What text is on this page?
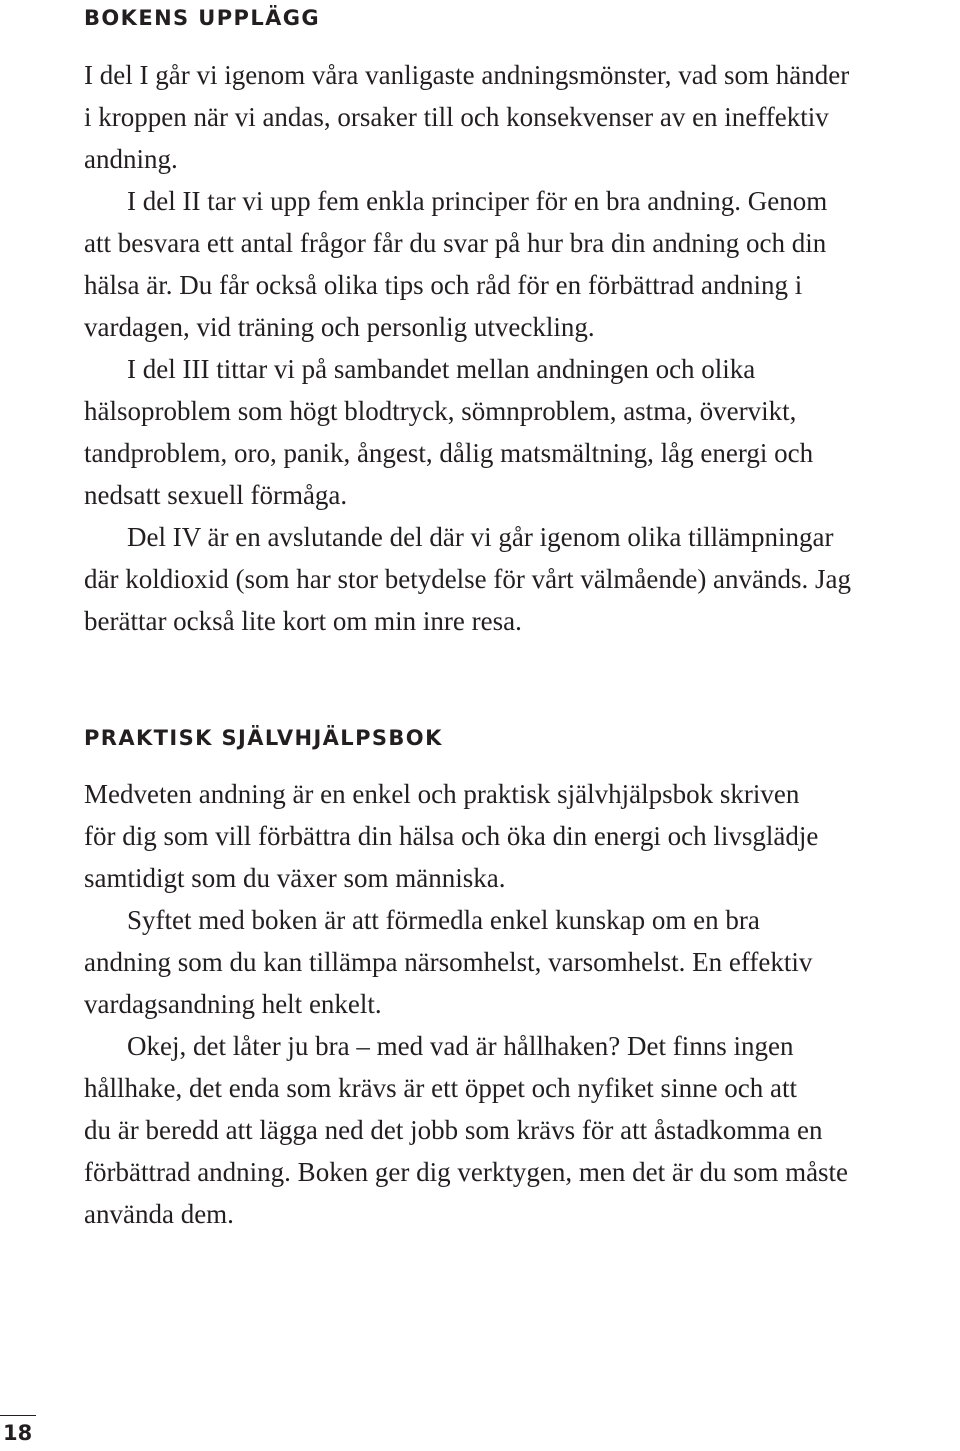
BOKENS UPPLÄGG
I del I går vi igenom våra vanligaste andningsmönster, vad som händer
i kroppen när vi andas, orsaker till och konsekvenser av en ineffektiv
andning.
I del II tar vi upp fem enkla principer för en bra andning. Genom
att besvara ett antal frågor får du svar på hur bra din andning och din
hälsa är. Du får också olika tips och råd för en förbättrad andning i
vardagen, vid träning och personlig utveckling.
I del III tittar vi på sambandet mellan andningen och olika
hälsoproblem som högt blodtryck, sömnproblem, astma, övervikt,
tandproblem, oro, panik, ångest, dålig matsmältning, låg energi och
nedsatt sexuell förmåga.
Del IV är en avslutande del där vi går igenom olika tillämpningar
där koldioxid (som har stor betydelse för vårt välmående) används. Jag
berättar också lite kort om min inre resa.
PRAKTISK SJÄLVHJÄLPSBOK
Medveten andning är en enkel och praktisk självhjälpsbok skriven
för dig som vill förbättra din hälsa och öka din energi och livsglädje
samtidigt som du växer som människa.
Syftet med boken är att förmedla enkel kunskap om en bra
andning som du kan tillämpa närsomhelst, varsomhelst. En effektiv
vardagsandning helt enkelt.
Okej, det låter ju bra – med vad är hållhaken? Det finns ingen
hållhake, det enda som krävs är ett öppet och nyfiket sinne och att
du är beredd att lägga ned det jobb som krävs för att åstadkomma en
förbättrad andning. Boken ger dig verktygen, men det är du som måste
använda dem.
18
